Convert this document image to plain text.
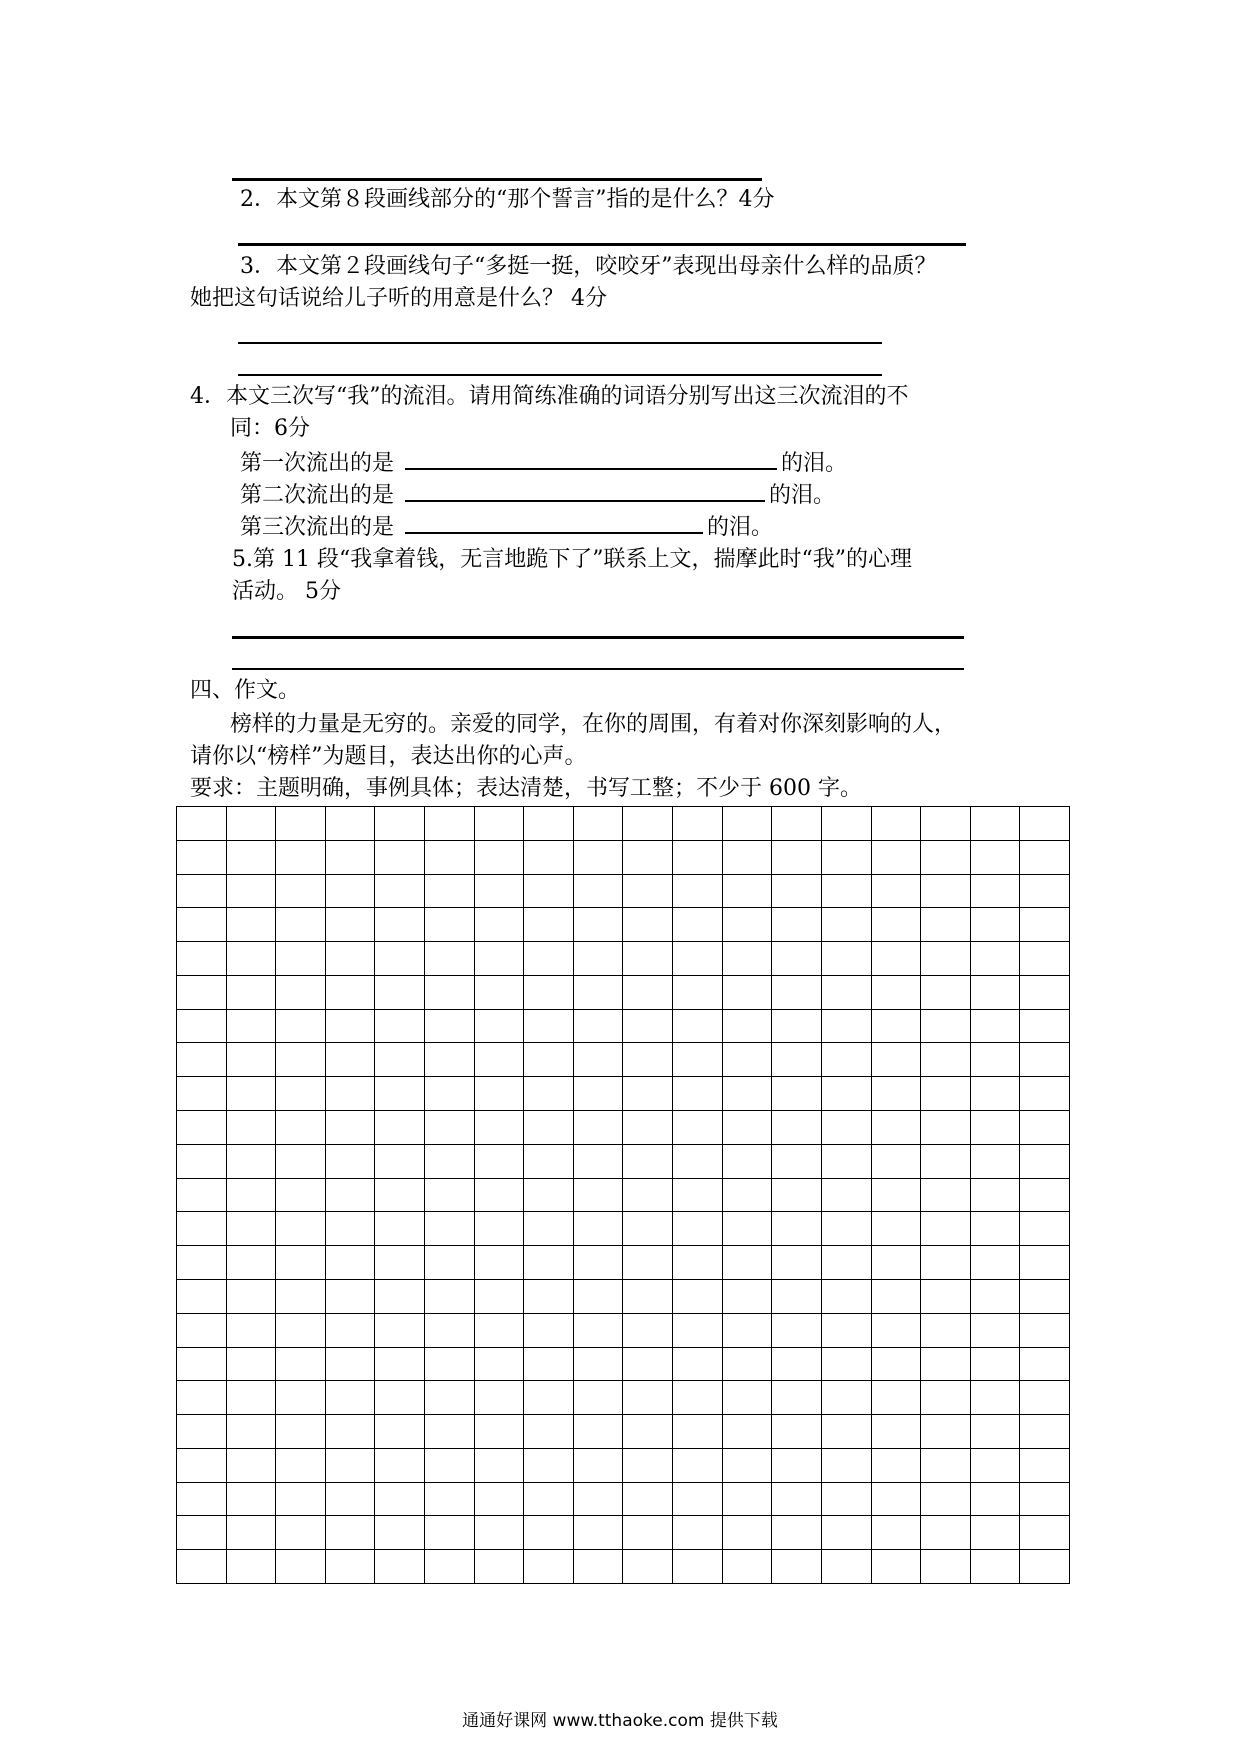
2．本文第８段画线部分的“那个誓言”指的是什么？4分
3．本文第２段画线句子“多挺一挺，咬咬牙”表现出母亲什么样的品质？
她把这句话说给儿子听的用意是什么？ 4分
4．本文三次写“我”的流泪。请用简练准确的词语分别写出这三次流泪的不
同：6分
第一次流出的是	的泪。
第二次流出的是	的泪。
第三次流出的是	的泪。
5.第 11 段“我拿着钱，无言地跪下了”联系上文，揣摩此时“我”的心理
活动。 5分
四、作文。
榜样的力量是无穷的。亲爱的同学，在你的周围，有着对你深刻影响的人，
请你以“榜样”为题目，表达出你的心声。
要求：主题明确，事例具体；表达清楚，书写工整；不少于 600 字。

通通好课网 www.tthaoke.com 提供下载
